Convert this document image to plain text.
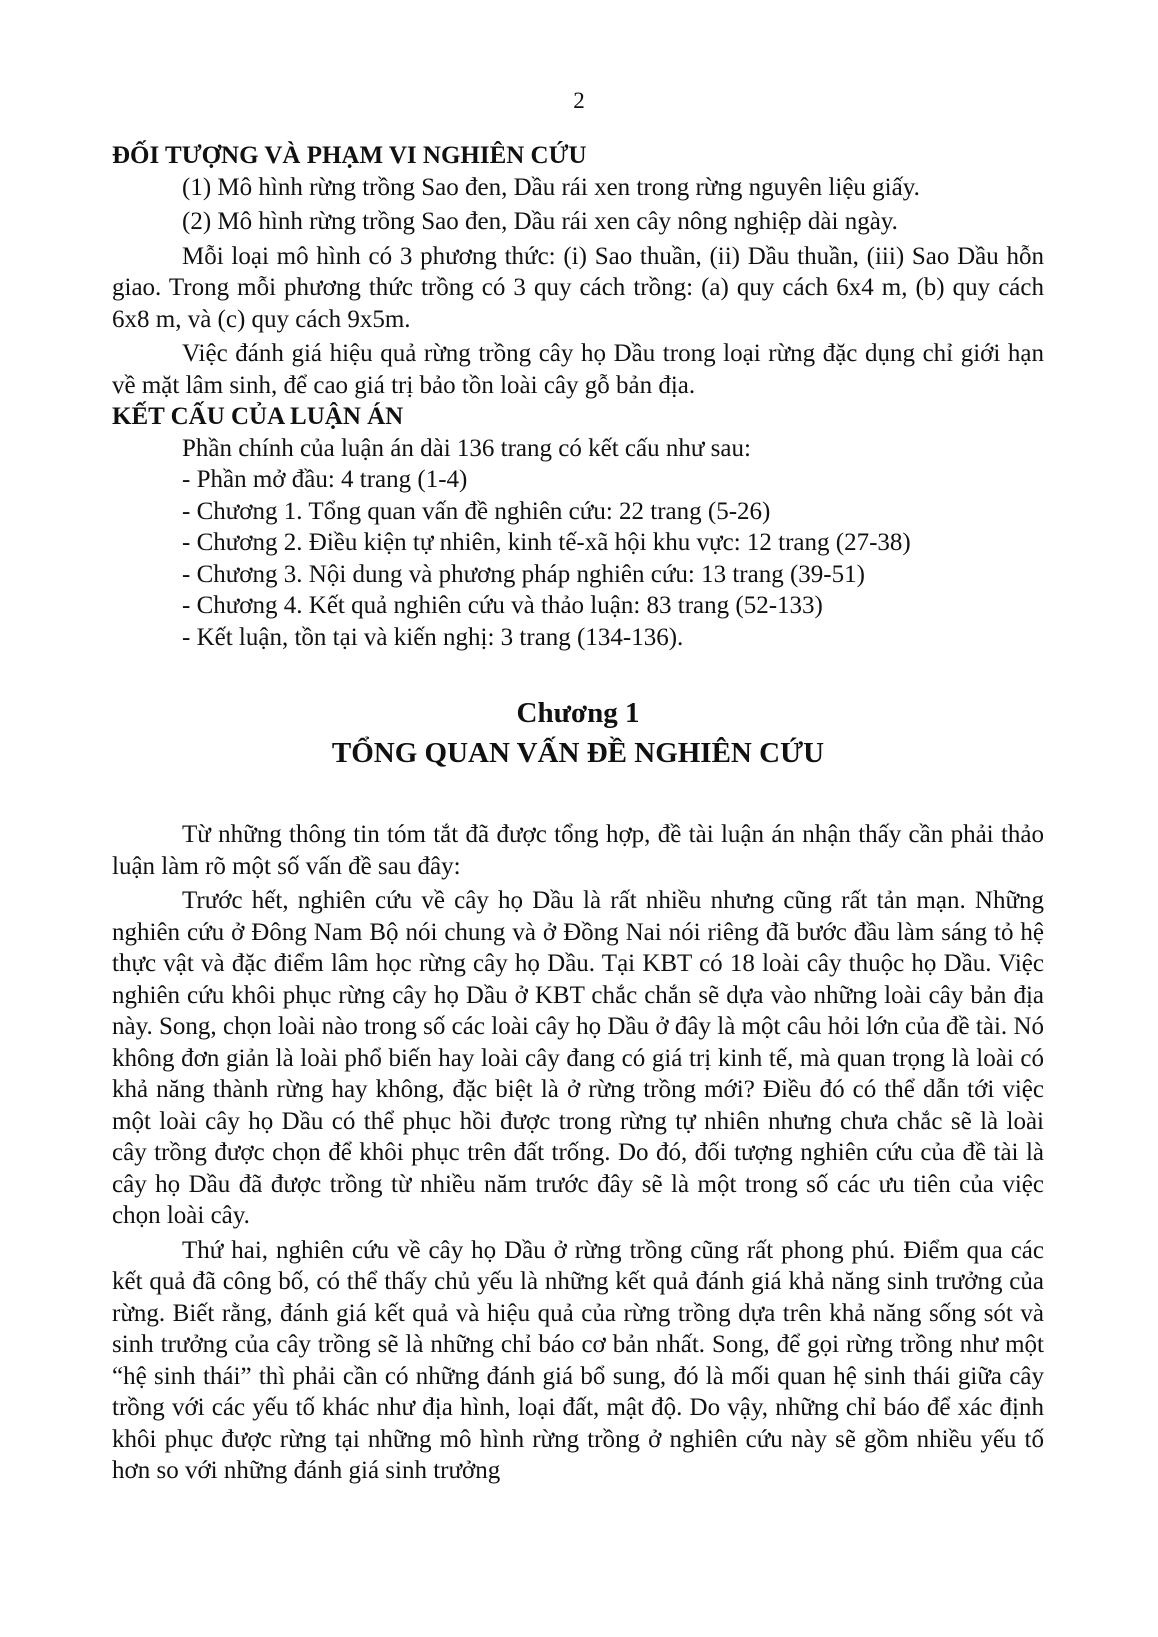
2

ĐỐI TƯỢNG VÀ PHẠM VI NGHIÊN CỨU

(1) Mô hình rừng trồng Sao đen, Dầu rái xen trong rừng nguyên liệu giấy.

(2) Mô hình rừng trồng Sao đen, Dầu rái xen cây nông nghiệp dài ngày.

Mỗi loại mô hình có 3 phương thức: (i) Sao thuần, (ii) Dầu thuần, (iii) Sao Dầu hỗn giao. Trong mỗi phương thức trồng có 3 quy cách trồng: (a) quy cách 6x4 m, (b) quy cách 6x8 m, và (c) quy cách 9x5m.

Việc đánh giá hiệu quả rừng trồng cây họ Dầu trong loại rừng đặc dụng chỉ giới hạn về mặt lâm sinh, để cao giá trị bảo tồn loài cây gỗ bản địa.

KẾT CẤU CỦA LUẬN ÁN

Phần chính của luận án dài 136 trang có kết cấu như sau:

- Phần mở đầu: 4 trang (1-4)

- Chương 1. Tổng quan vấn đề nghiên cứu: 22 trang (5-26)

- Chương 2. Điều kiện tự nhiên, kinh tế-xã hội khu vực: 12 trang (27-38)

- Chương 3. Nội dung và phương pháp nghiên cứu: 13 trang (39-51)

- Chương 4. Kết quả nghiên cứu và thảo luận: 83 trang (52-133)

- Kết luận, tồn tại và kiến nghị: 3 trang (134-136).

Chương 1
TỔNG QUAN VẤN ĐỀ NGHIÊN CỨU

Từ những thông tin tóm tắt đã được tổng hợp, đề tài luận án nhận thấy cần phải thảo luận làm rõ một số vấn đề sau đây:

Trước hết, nghiên cứu về cây họ Dầu là rất nhiều nhưng cũng rất tản mạn. Những nghiên cứu ở Đông Nam Bộ nói chung và ở Đồng Nai nói riêng đã bước đầu làm sáng tỏ hệ thực vật và đặc điểm lâm học rừng cây họ Dầu. Tại KBT có 18 loài cây thuộc họ Dầu. Việc nghiên cứu khôi phục rừng cây họ Dầu ở KBT chắc chắn sẽ dựa vào những loài cây bản địa này. Song, chọn loài nào trong số các loài cây họ Dầu ở đây là một câu hỏi lớn của đề tài. Nó không đơn giản là loài phổ biến hay loài cây đang có giá trị kinh tế, mà quan trọng là loài có khả năng thành rừng hay không, đặc biệt là ở rừng trồng mới? Điều đó có thể dẫn tới việc một loài cây họ Dầu có thể phục hồi được trong rừng tự nhiên nhưng chưa chắc sẽ là loài cây trồng được chọn để khôi phục trên đất trống. Do đó, đối tượng nghiên cứu của đề tài là cây họ Dầu đã được trồng từ nhiều năm trước đây sẽ là một trong số các ưu tiên của việc chọn loài cây.

Thứ hai, nghiên cứu về cây họ Dầu ở rừng trồng cũng rất phong phú. Điểm qua các kết quả đã công bố, có thể thấy chủ yếu là những kết quả đánh giá khả năng sinh trưởng của rừng. Biết rằng, đánh giá kết quả và hiệu quả của rừng trồng dựa trên khả năng sống sót và sinh trưởng của cây trồng sẽ là những chỉ báo cơ bản nhất. Song, để gọi rừng trồng như một “hệ sinh thái” thì phải cần có những đánh giá bổ sung, đó là mối quan hệ sinh thái giữa cây trồng với các yếu tố khác như địa hình, loại đất, mật độ. Do vậy, những chỉ báo để xác định khôi phục được rừng tại những mô hình rừng trồng ở nghiên cứu này sẽ gồm nhiều yếu tố hơn so với những đánh giá sinh trưởng
